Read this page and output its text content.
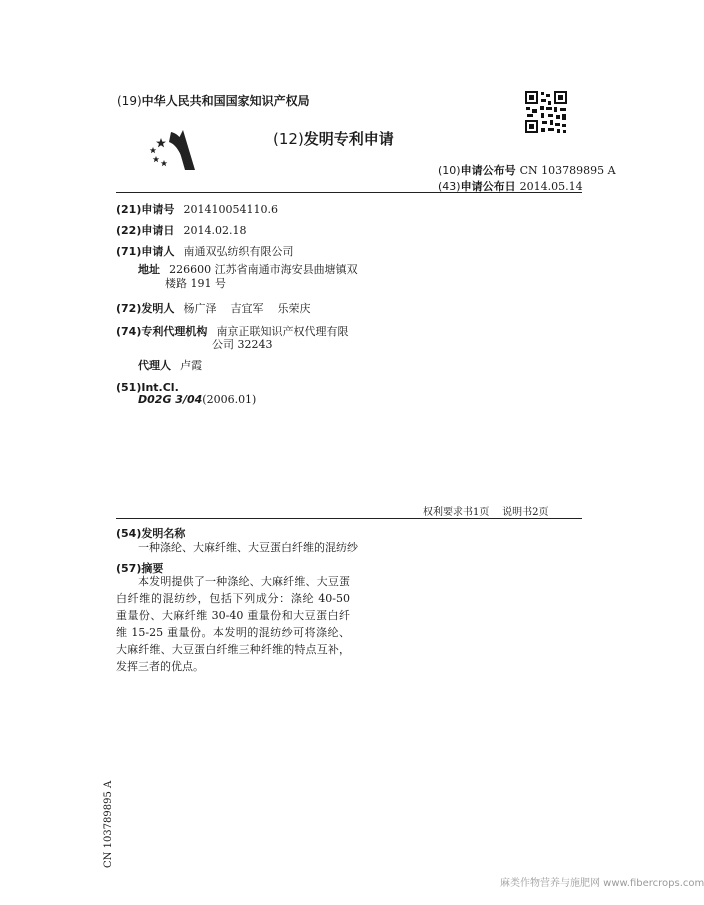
(19)中华人民共和国国家知识产权局
(12)发明专利申请
(10)申请公布号 CN 103789895 A
(43)申请公布日 2014.05.14
(21)申请号 201410054110.6
(22)申请日 2014.02.18
(71)申请人 南通双弘纺织有限公司
地址 226600 江苏省南通市海安县曲塘镇双
楼路 191 号
(72)发明人 杨广泽    吉宜军    乐荣庆
(74)专利代理机构 南京正联知识产权代理有限
公司 32243
代理人 卢霞
(51)Int.Cl.
D02G 3/04(2006.01)
权利要求书1页    说明书2页
(54)发明名称
一种涤纶、大麻纤维、大豆蛋白纤维的混纺纱
(57)摘要
本发明提供了一种涤纶、大麻纤维、大豆蛋白纤维的混纺纱，包括下列成分：涤纶 40-50 重量份、大麻纤维 30-40 重量份和大豆蛋白纤维 15-25 重量份。本发明的混纺纱可将涤纶、大麻纤维、大豆蛋白纤维三种纤维的特点互补，发挥三者的优点。
CN 103789895 A
麻类作物营养与施肥网 www.fibercrops.com
